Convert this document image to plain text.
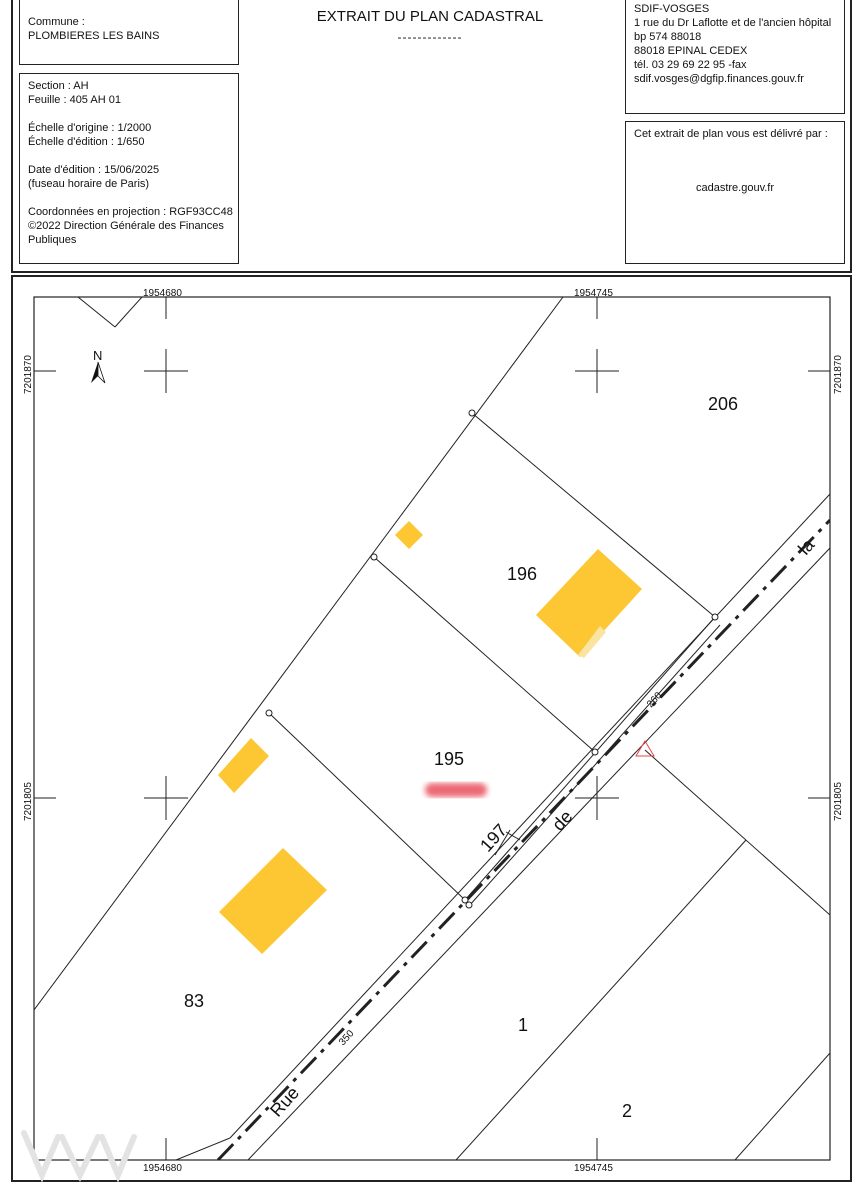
Commune :
PLOMBIERES LES BAINS
EXTRAIT DU PLAN CADASTRAL
-------------
Section : AH
Feuille : 405 AH 01
Échelle d'origine : 1/2000
Échelle d'édition : 1/650
Date d'édition : 15/06/2025
(fuseau horaire de Paris)
Coordonnées en projection : RGF93CC48
©2022 Direction Générale des Finances
Publiques
SDIF-VOSGES
1 rue du Dr Laflotte et de l'ancien hôpital
bp 574 88018
88018 EPINAL CEDEX
tél. 03 29 69 22 95 -fax
sdif.vosges@dgfip.finances.gouv.fr
Cet extrait de plan vous est délivré par :
cadastre.gouv.fr
N
1954680	1954745
1954680	1954745
7201870
7201805
7201870
7201805
206
196
195
197
83
1
2
Rue
de
la
260
350
